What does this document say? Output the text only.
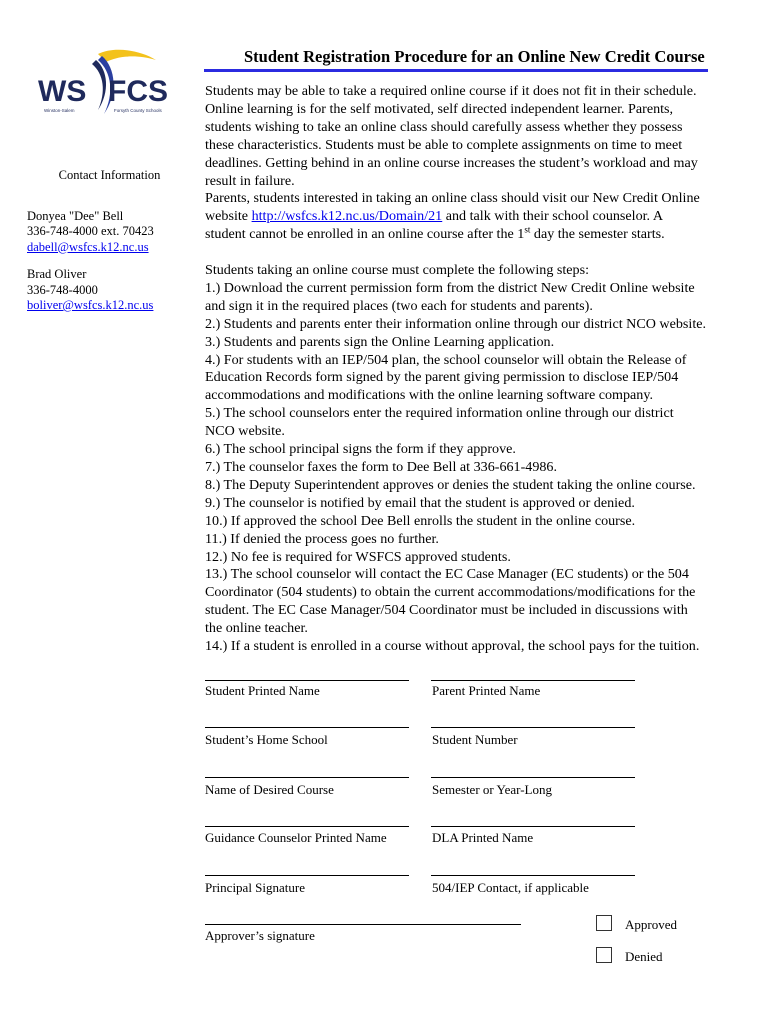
Student Registration Procedure for an Online New Credit Course
WS FCS
Winston-Salem	Forsyth County Schools
Contact Information
Donyea "Dee" Bell
336-748-4000 ext. 70423
dabell@wsfcs.k12.nc.us
Brad Oliver
336-748-4000
boliver@wsfcs.k12.nc.us
Students may be able to take a required online course if it does not fit in their schedule.
Online learning is for the self motivated, self directed independent learner. Parents,
students wishing to take an online class should carefully assess whether they possess
these characteristics. Students must be able to complete assignments on time to meet
deadlines. Getting behind in an online course increases the student’s workload and may
result in failure.
Parents, students interested in taking an online class should visit our New Credit Online
website http://wsfcs.k12.nc.us/Domain/21 and talk with their school counselor. A
student cannot be enrolled in an online course after the 1st day the semester starts.
Students taking an online course must complete the following steps:
1.) Download the current permission form from the district New Credit Online website
and sign it in the required places (two each for students and parents).
2.) Students and parents enter their information online through our district NCO website.
3.) Students and parents sign the Online Learning application.
4.) For students with an IEP/504 plan, the school counselor will obtain the Release of
Education Records form signed by the parent giving permission to disclose IEP/504
accommodations and modifications with the online learning software company.
5.) The school counselors enter the required information online through our district
NCO website.
6.) The school principal signs the form if they approve.
7.) The counselor faxes the form to Dee Bell at 336-661-4986.
8.) The Deputy Superintendent approves or denies the student taking the online course.
9.) The counselor is notified by email that the student is approved or denied.
10.) If approved the school Dee Bell enrolls the student in the online course.
11.) If denied the process goes no further.
12.) No fee is required for WSFCS approved students.
13.) The school counselor will contact the EC Case Manager (EC students) or the 504
Coordinator (504 students) to obtain the current accommodations/modifications for the
student. The EC Case Manager/504 Coordinator must be included in discussions with
the online teacher.
14.) If a student is enrolled in a course without approval, the school pays for the tuition.
Student Printed Name	Parent Printed Name
Student’s Home School	Student Number
Name of Desired Course	Semester or Year-Long
Guidance Counselor Printed Name	DLA Printed Name
Principal Signature	504/IEP Contact, if applicable
Approver’s signature
Approved
Denied
